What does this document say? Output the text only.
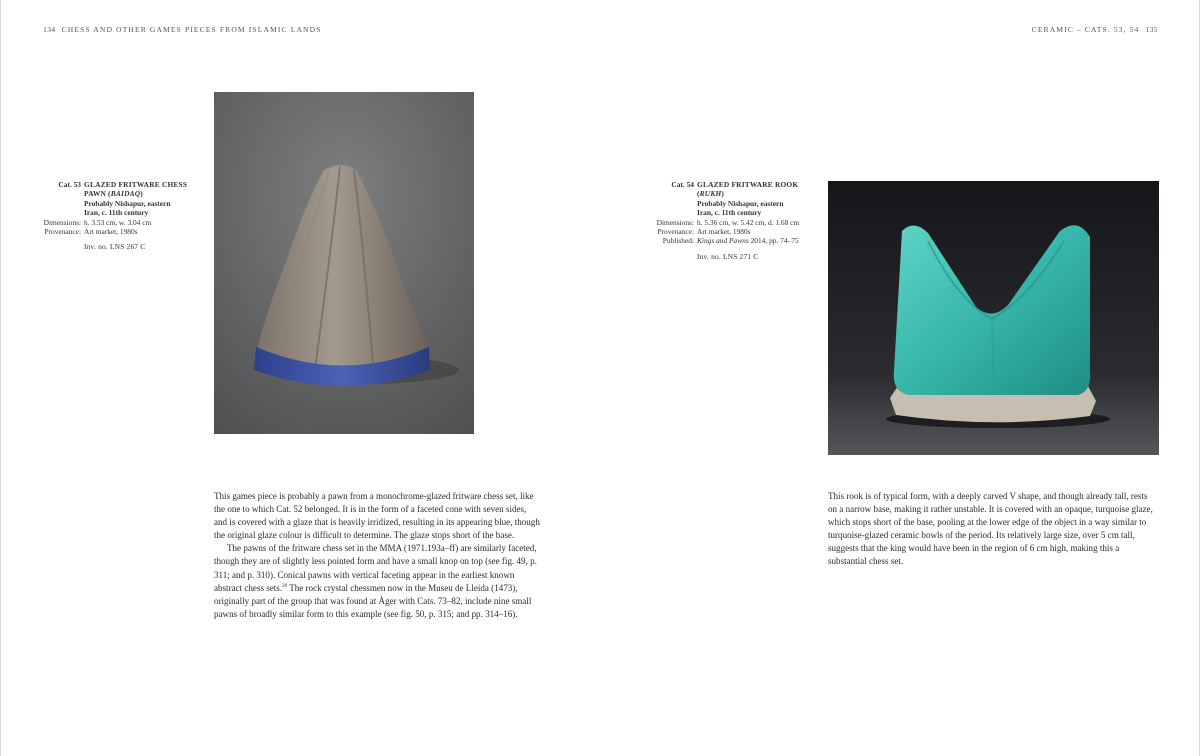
134 CHESS AND OTHER GAMES PIECES FROM ISLAMIC LANDS
Cat. 53 GLAZED FRITWARE CHESS
PAWN (BAIDAQ)
Probably Nishapur, eastern
Iran, c. 11th century
Dimensions: h. 3.53 cm, w. 3.04 cm
Provenance: Art market, 1980s
Inv. no. LNS 267 C

This games piece is probably a pawn from a monochrome-glazed fritware chess set, like the one to which Cat. 52 belonged. It is in the form of a faceted cone with seven sides, and is covered with a glaze that is heavily irridized, resulting in its appearing blue, though the original glaze colour is difficult to determine. The glaze stops short of the base.

The pawns of the fritware chess set in the MMA (1971.193a–ff) are similarly faceted, though they are of slightly less pointed form and have a small knop on top (see fig. 49, p. 311; and p. 310). Conical pawns with vertical faceting appear in the earliest known abstract chess sets.$^{20}$ The rock crystal chessmen now in the Museu de Lleida (1473), originally part of the group that was found at Àger with Cats. 73–82, include nine small pawns of broadly similar form to this example (see fig. 50, p. 315; and pp. 314–16).

CERAMIC – CATS. 53, 54 135
Cat. 54 GLAZED FRITWARE ROOK
(RUKH)
Probably Nishapur, eastern
Iran, c. 11th century
Dimensions: h. 5.36 cm, w. 5.42 cm, d. 1.68 cm
Provenance: Art market, 1980s
Published: Kings and Pawns 2014, pp. 74–75
Inv. no. LNS 271 C

This rook is of typical form, with a deeply carved V shape, and though already tall, rests on a narrow base, making it rather unstable. It is covered with an opaque, turquoise glaze, which stops short of the base, pooling at the lower edge of the object in a way similar to turquoise-glazed ceramic bowls of the period. Its relatively large size, over 5 cm tall, suggests that the king would have been in the region of 6 cm high, making this a substantial chess set.
